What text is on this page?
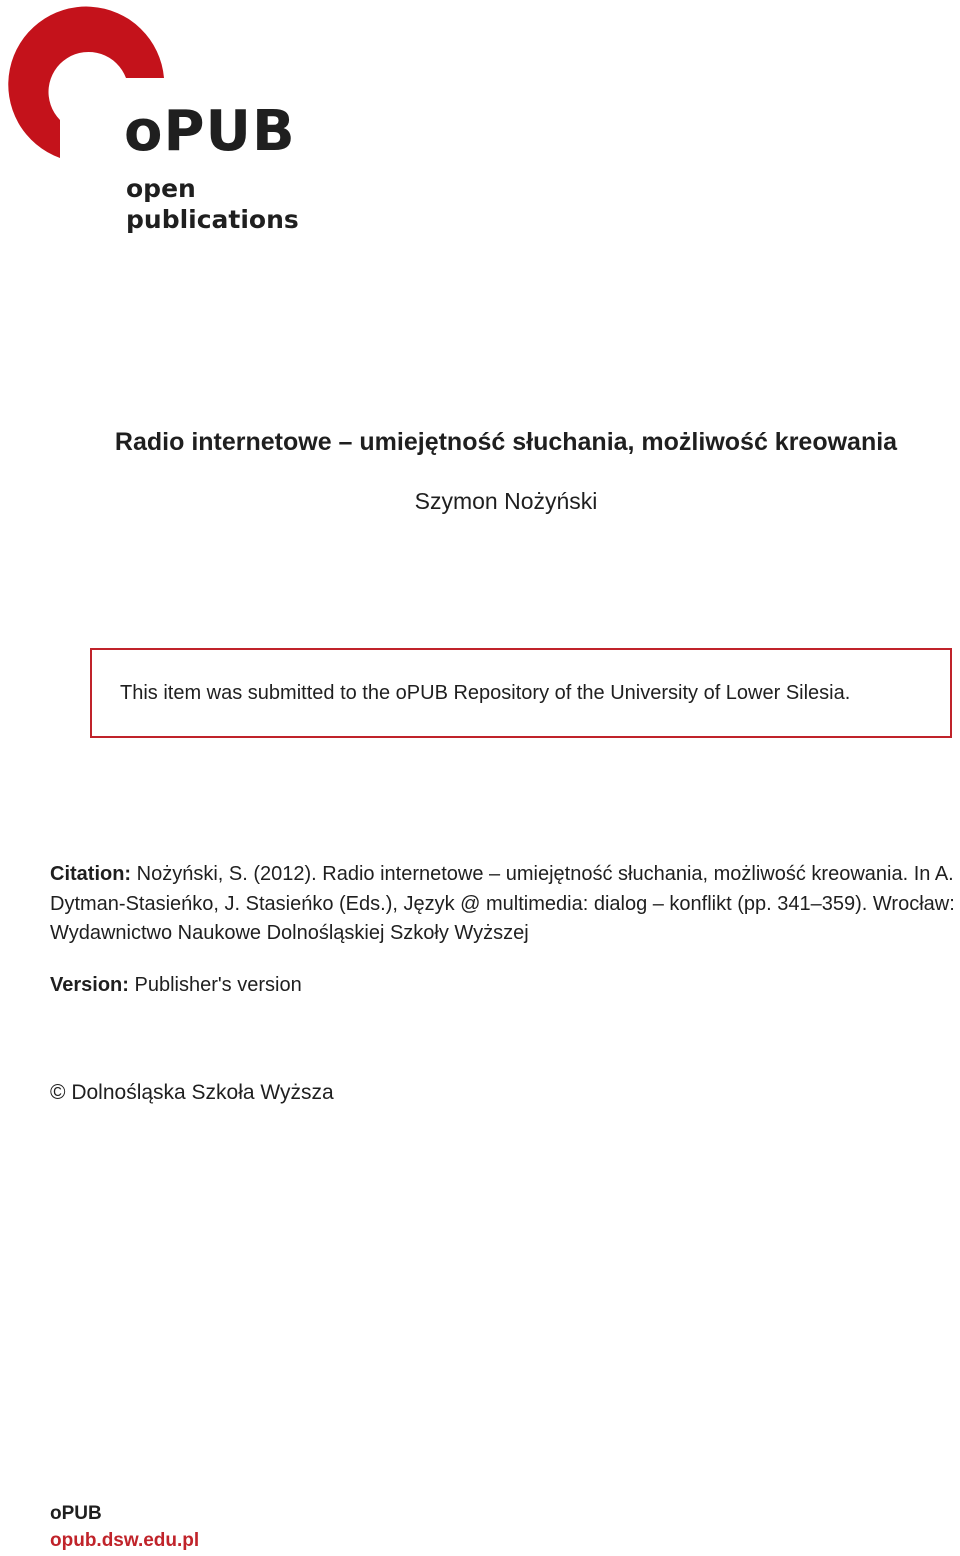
oPUB
open
publications
Radio internetowe – umiejętność słuchania, możliwość kreowania
Szymon Nożyński
This item was submitted to the oPUB Repository of the University of Lower Silesia.
Citation: Nożyński, S. (2012). Radio internetowe – umiejętność słuchania, możliwość kreowania. In A. Dytman-Stasieńko, J. Stasieńko (Eds.), Język @ multimedia: dialog – konflikt (pp. 341–359). Wrocław: Wydawnictwo Naukowe Dolnośląskiej Szkoły Wyższej
Version: Publisher's version
© Dolnośląska Szkoła Wyższa
oPUB
opub.dsw.edu.pl
